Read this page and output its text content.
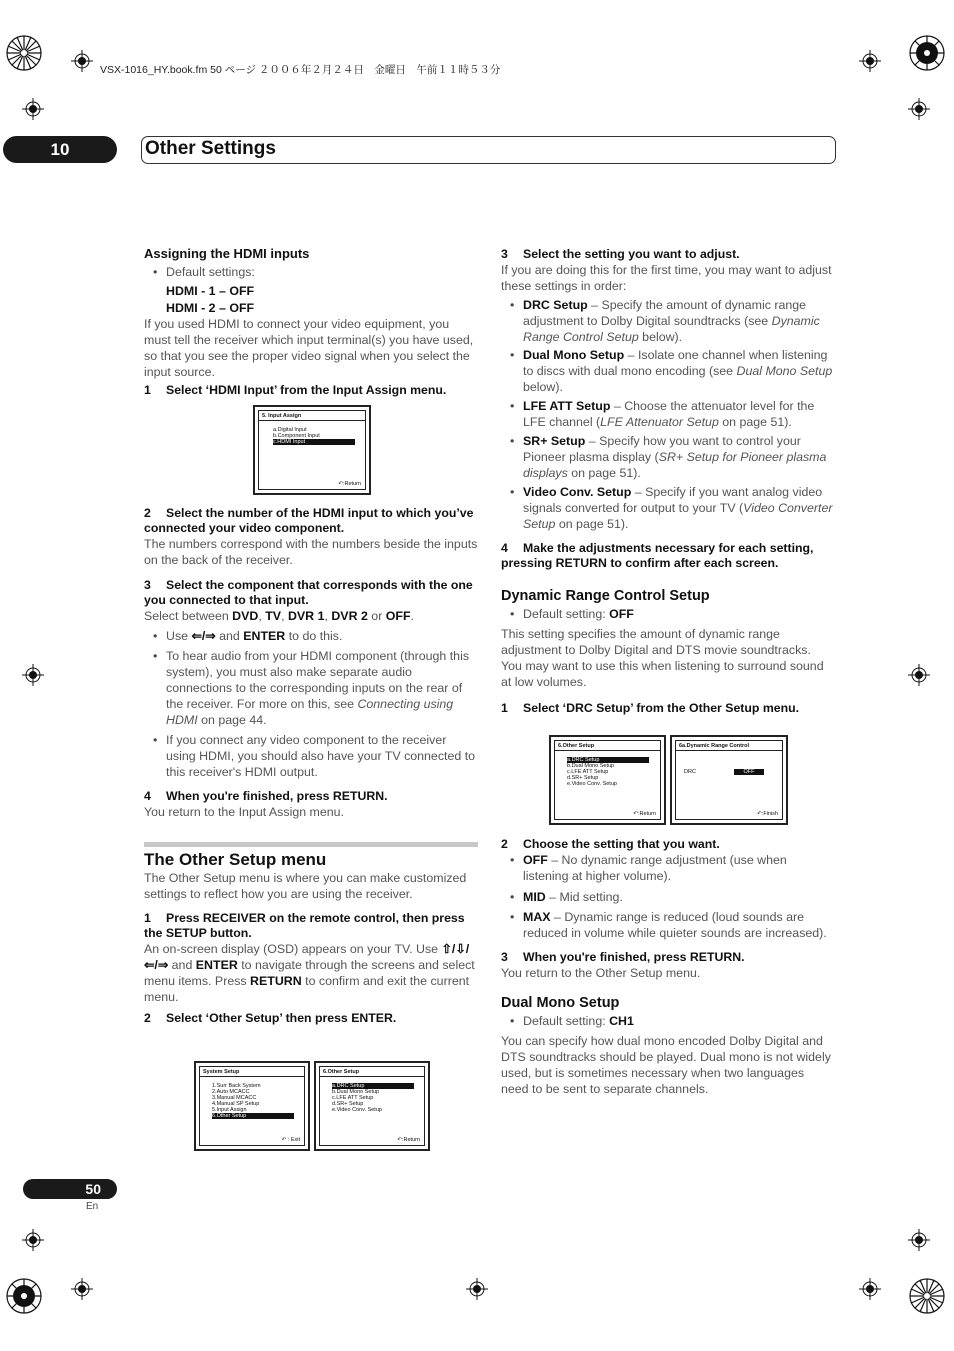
VSX-1016_HY.book.fm 50 ページ ２００６年２月２４日　金曜日　午前１１時５３分
10	Other Settings

Assigning the HDMI inputs

• Default settings:

HDMI - 1 – OFF

HDMI - 2 – OFF

If you used HDMI to connect your video equipment, you must tell the receiver which input terminal(s) you have used, so that you see the proper video signal when you select the input source.

1 Select ‘HDMI Input’ from the Input Assign menu.

5. Input Assign
a.Digital Input
b.Component Input
c.HDMI Input
↶:Return

2 Select the number of the HDMI input to which you’ve connected your video component.

The numbers correspond with the numbers beside the inputs on the back of the receiver.

3 Select the component that corresponds with the one you connected to that input.

Select between DVD, TV, DVR 1, DVR 2 or OFF.

• Use ⇐/⇒ and ENTER to do this.
• To hear audio from your HDMI component (through this system), you must also make separate audio connections to the corresponding inputs on the rear of the receiver. For more on this, see Connecting using HDMI on page 44.
• If you connect any video component to the receiver using HDMI, you should also have your TV connected to this receiver's HDMI output.

4 When you're finished, press RETURN.

You return to the Input Assign menu.

The Other Setup menu

The Other Setup menu is where you can make customized settings to reflect how you are using the receiver.

1 Press RECEIVER on the remote control, then press the SETUP button.

An on-screen display (OSD) appears on your TV. Use ⇧/⇩/⇐/⇒ and ENTER to navigate through the screens and select menu items. Press RETURN to confirm and exit the current menu.

2 Select ‘Other Setup’ then press ENTER.

System Setup
1.Surr Back System
2.Auto MCACC
3.Manual MCACC
4.Manual SP Setup
5.Input Assign
6.Other Setup
↶ : Exit
6.Other Setup
a.DRC Setup
b.Dual Mono Setup
c.LFE ATT Setup
d.SR+ Setup
e.Video Conv. Setup
↶:Return

3 Select the setting you want to adjust.

If you are doing this for the first time, you may want to adjust these settings in order:

• DRC Setup – Specify the amount of dynamic range adjustment to Dolby Digital soundtracks (see Dynamic Range Control Setup below).
• Dual Mono Setup – Isolate one channel when listening to discs with dual mono encoding (see Dual Mono Setup below).
• LFE ATT Setup – Choose the attenuator level for the LFE channel (LFE Attenuator Setup on page 51).
• SR+ Setup – Specify how you want to control your Pioneer plasma display (SR+ Setup for Pioneer plasma displays on page 51).
• Video Conv. Setup – Specify if you want analog video signals converted for output to your TV (Video Converter Setup on page 51).

4 Make the adjustments necessary for each setting, pressing RETURN to confirm after each screen.

Dynamic Range Control Setup

• Default setting: OFF

This setting specifies the amount of dynamic range adjustment to Dolby Digital and DTS movie soundtracks. You may want to use this when listening to surround sound at low volumes.

1 Select ‘DRC Setup’ from the Other Setup menu.

6.Other Setup
a.DRC Setup
b.Dual Mono Setup
c.LFE ATT Setup
d.SR+ Setup
e.Video Conv. Setup
↶:Return
6a.Dynamic Range Control
DRC	OFF
↶:Finish

2 Choose the setting that you want.

• OFF – No dynamic range adjustment (use when listening at higher volume).
• MID – Mid setting.
• MAX – Dynamic range is reduced (loud sounds are reduced in volume while quieter sounds are increased).

3 When you're finished, press RETURN.

You return to the Other Setup menu.

Dual Mono Setup

• Default setting: CH1

You can specify how dual mono encoded Dolby Digital and DTS soundtracks should be played. Dual mono is not widely used, but is sometimes necessary when two languages need to be sent to separate channels.

50
En
